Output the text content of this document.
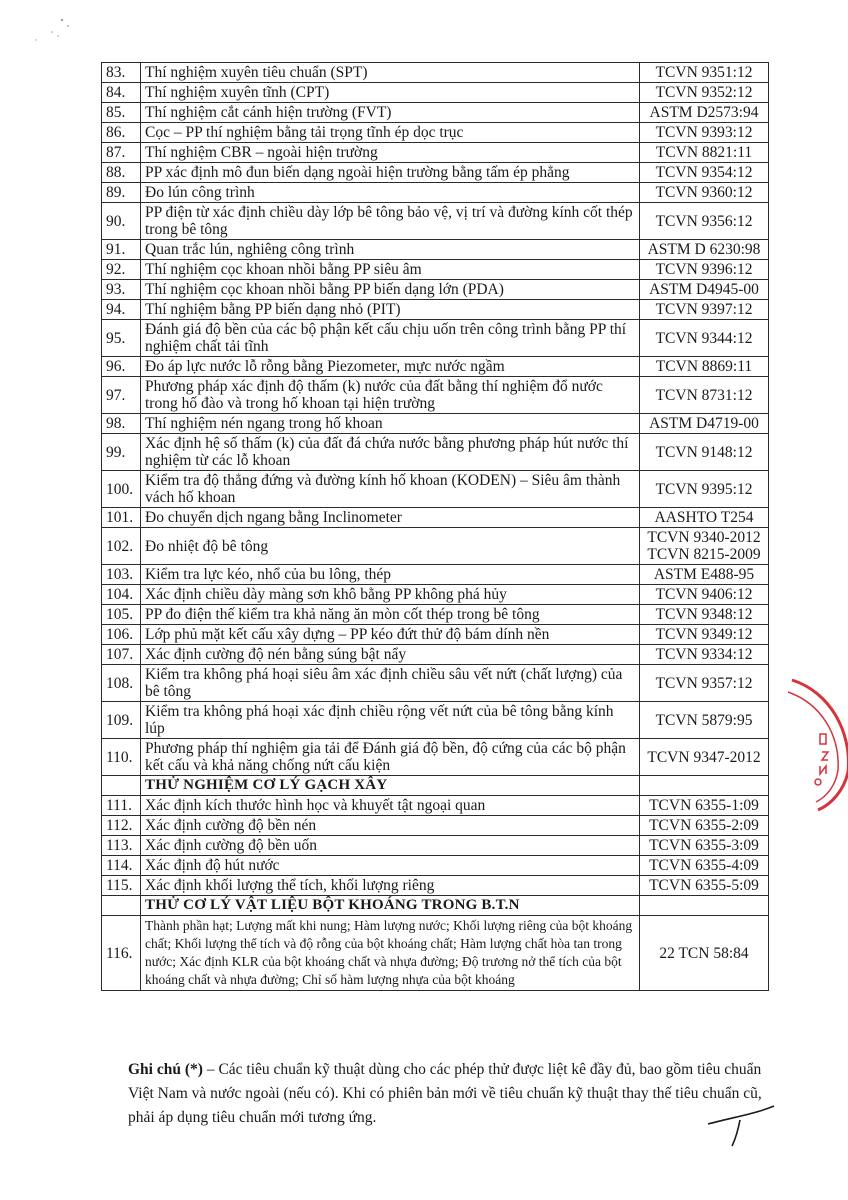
83.	Thí nghiệm xuyên tiêu chuẩn (SPT)	TCVN 9351:12
84.	Thí nghiệm xuyên tĩnh (CPT)	TCVN 9352:12
85.	Thí nghiệm cắt cánh hiện trường (FVT)	ASTM D2573:94
86.	Cọc – PP thí nghiệm bằng tải trọng tĩnh ép dọc trục	TCVN 9393:12
87.	Thí nghiệm CBR – ngoài hiện trường	TCVN 8821:11
88.	PP xác định mô đun biến dạng ngoài hiện trường bằng tấm ép phẳng	TCVN 9354:12
89.	Đo lún công trình	TCVN 9360:12
90.	PP điện từ xác định chiều dày lớp bê tông bảo vệ, vị trí và đường kính cốt thép trong bê tông	TCVN 9356:12
91.	Quan trắc lún, nghiêng công trình	ASTM D 6230:98
92.	Thí nghiệm cọc khoan nhồi bằng PP siêu âm	TCVN 9396:12
93.	Thí nghiệm cọc khoan nhồi bằng PP biến dạng lớn (PDA)	ASTM D4945-00
94.	Thí nghiệm bằng PP biến dạng nhỏ (PIT)	TCVN 9397:12
95.	Đánh giá độ bền của các bộ phận kết cấu chịu uốn trên công trình bằng PP thí nghiệm chất tải tĩnh	TCVN 9344:12
96.	Đo áp lực nước lỗ rỗng bằng Piezometer, mực nước ngầm	TCVN 8869:11
97.	Phương pháp xác định độ thấm (k) nước của đất bằng thí nghiệm đổ nước trong hố đào và trong hố khoan tại hiện trường	TCVN 8731:12
98.	Thí nghiệm nén ngang trong hố khoan	ASTM D4719-00
99.	Xác định hệ số thấm (k) của đất đá chứa nước bằng phương pháp hút nước thí nghiệm từ các lỗ khoan	TCVN 9148:12
100.	Kiểm tra độ thẳng đứng và đường kính hố khoan (KODEN) – Siêu âm thành vách hố khoan	TCVN 9395:12
101.	Đo chuyển dịch ngang bằng Inclinometer	AASHTO T254
102.	Đo nhiệt độ bê tông	TCVN 9340-2012
TCVN 8215-2009

103.	Kiểm tra lực kéo, nhổ của bu lông, thép	ASTM E488-95
104.	Xác định chiều dày màng sơn khô bằng PP không phá hủy	TCVN 9406:12
105.	PP đo điện thế kiểm tra khả năng ăn mòn cốt thép trong bê tông	TCVN 9348:12
106.	Lớp phủ mặt kết cấu xây dựng – PP kéo đứt thử độ bám dính nền	TCVN 9349:12
107.	Xác định cường độ nén bằng súng bật nẩy	TCVN 9334:12
108.	Kiểm tra không phá hoại siêu âm xác định chiều sâu vết nứt (chất lượng) của bê tông	TCVN 9357:12
109.	Kiểm tra không phá hoại xác định chiều rộng vết nứt của bê tông bằng kính lúp	TCVN 5879:95
110.	Phương pháp thí nghiệm gia tải để Đánh giá độ bền, độ cứng của các bộ phận kết cấu và khả năng chống nứt cấu kiện	TCVN 9347-2012
	THỬ NGHIỆM CƠ LÝ GẠCH XÂY	
111.	Xác định kích thước hình học và khuyết tật ngoại quan	TCVN 6355-1:09
112.	Xác định cường độ bền nén	TCVN 6355-2:09
113.	Xác định cường độ bền uốn	TCVN 6355-3:09
114.	Xác định độ hút nước	TCVN 6355-4:09
115.	Xác định khối lượng thể tích, khối lượng riêng	TCVN 6355-5:09
	THỬ CƠ LÝ VẬT LIỆU BỘT KHOÁNG TRONG B.T.N	
116.	Thành phần hạt; Lượng mất khi nung; Hàm lượng nước; Khối lượng riêng của bột khoáng chất; Khối lượng thể tích và độ rỗng của bột khoáng chất; Hàm lượng chất hòa tan trong nước; Xác định KLR của bột khoáng chất và nhựa đường; Độ trương nở thể tích của bột khoáng chất và nhựa đường; Chỉ số hàm lượng nhựa của bột khoáng	22 TCN 58:84
Ghi chú (*) – Các tiêu chuẩn kỹ thuật dùng cho các phép thử được liệt kê đầy đủ, bao gồm tiêu chuẩn Việt Nam và nước ngoài (nếu có). Khi có phiên bản mới về tiêu chuẩn kỹ thuật thay thế tiêu chuẩn cũ, phải áp dụng tiêu chuẩn mới tương ứng.
